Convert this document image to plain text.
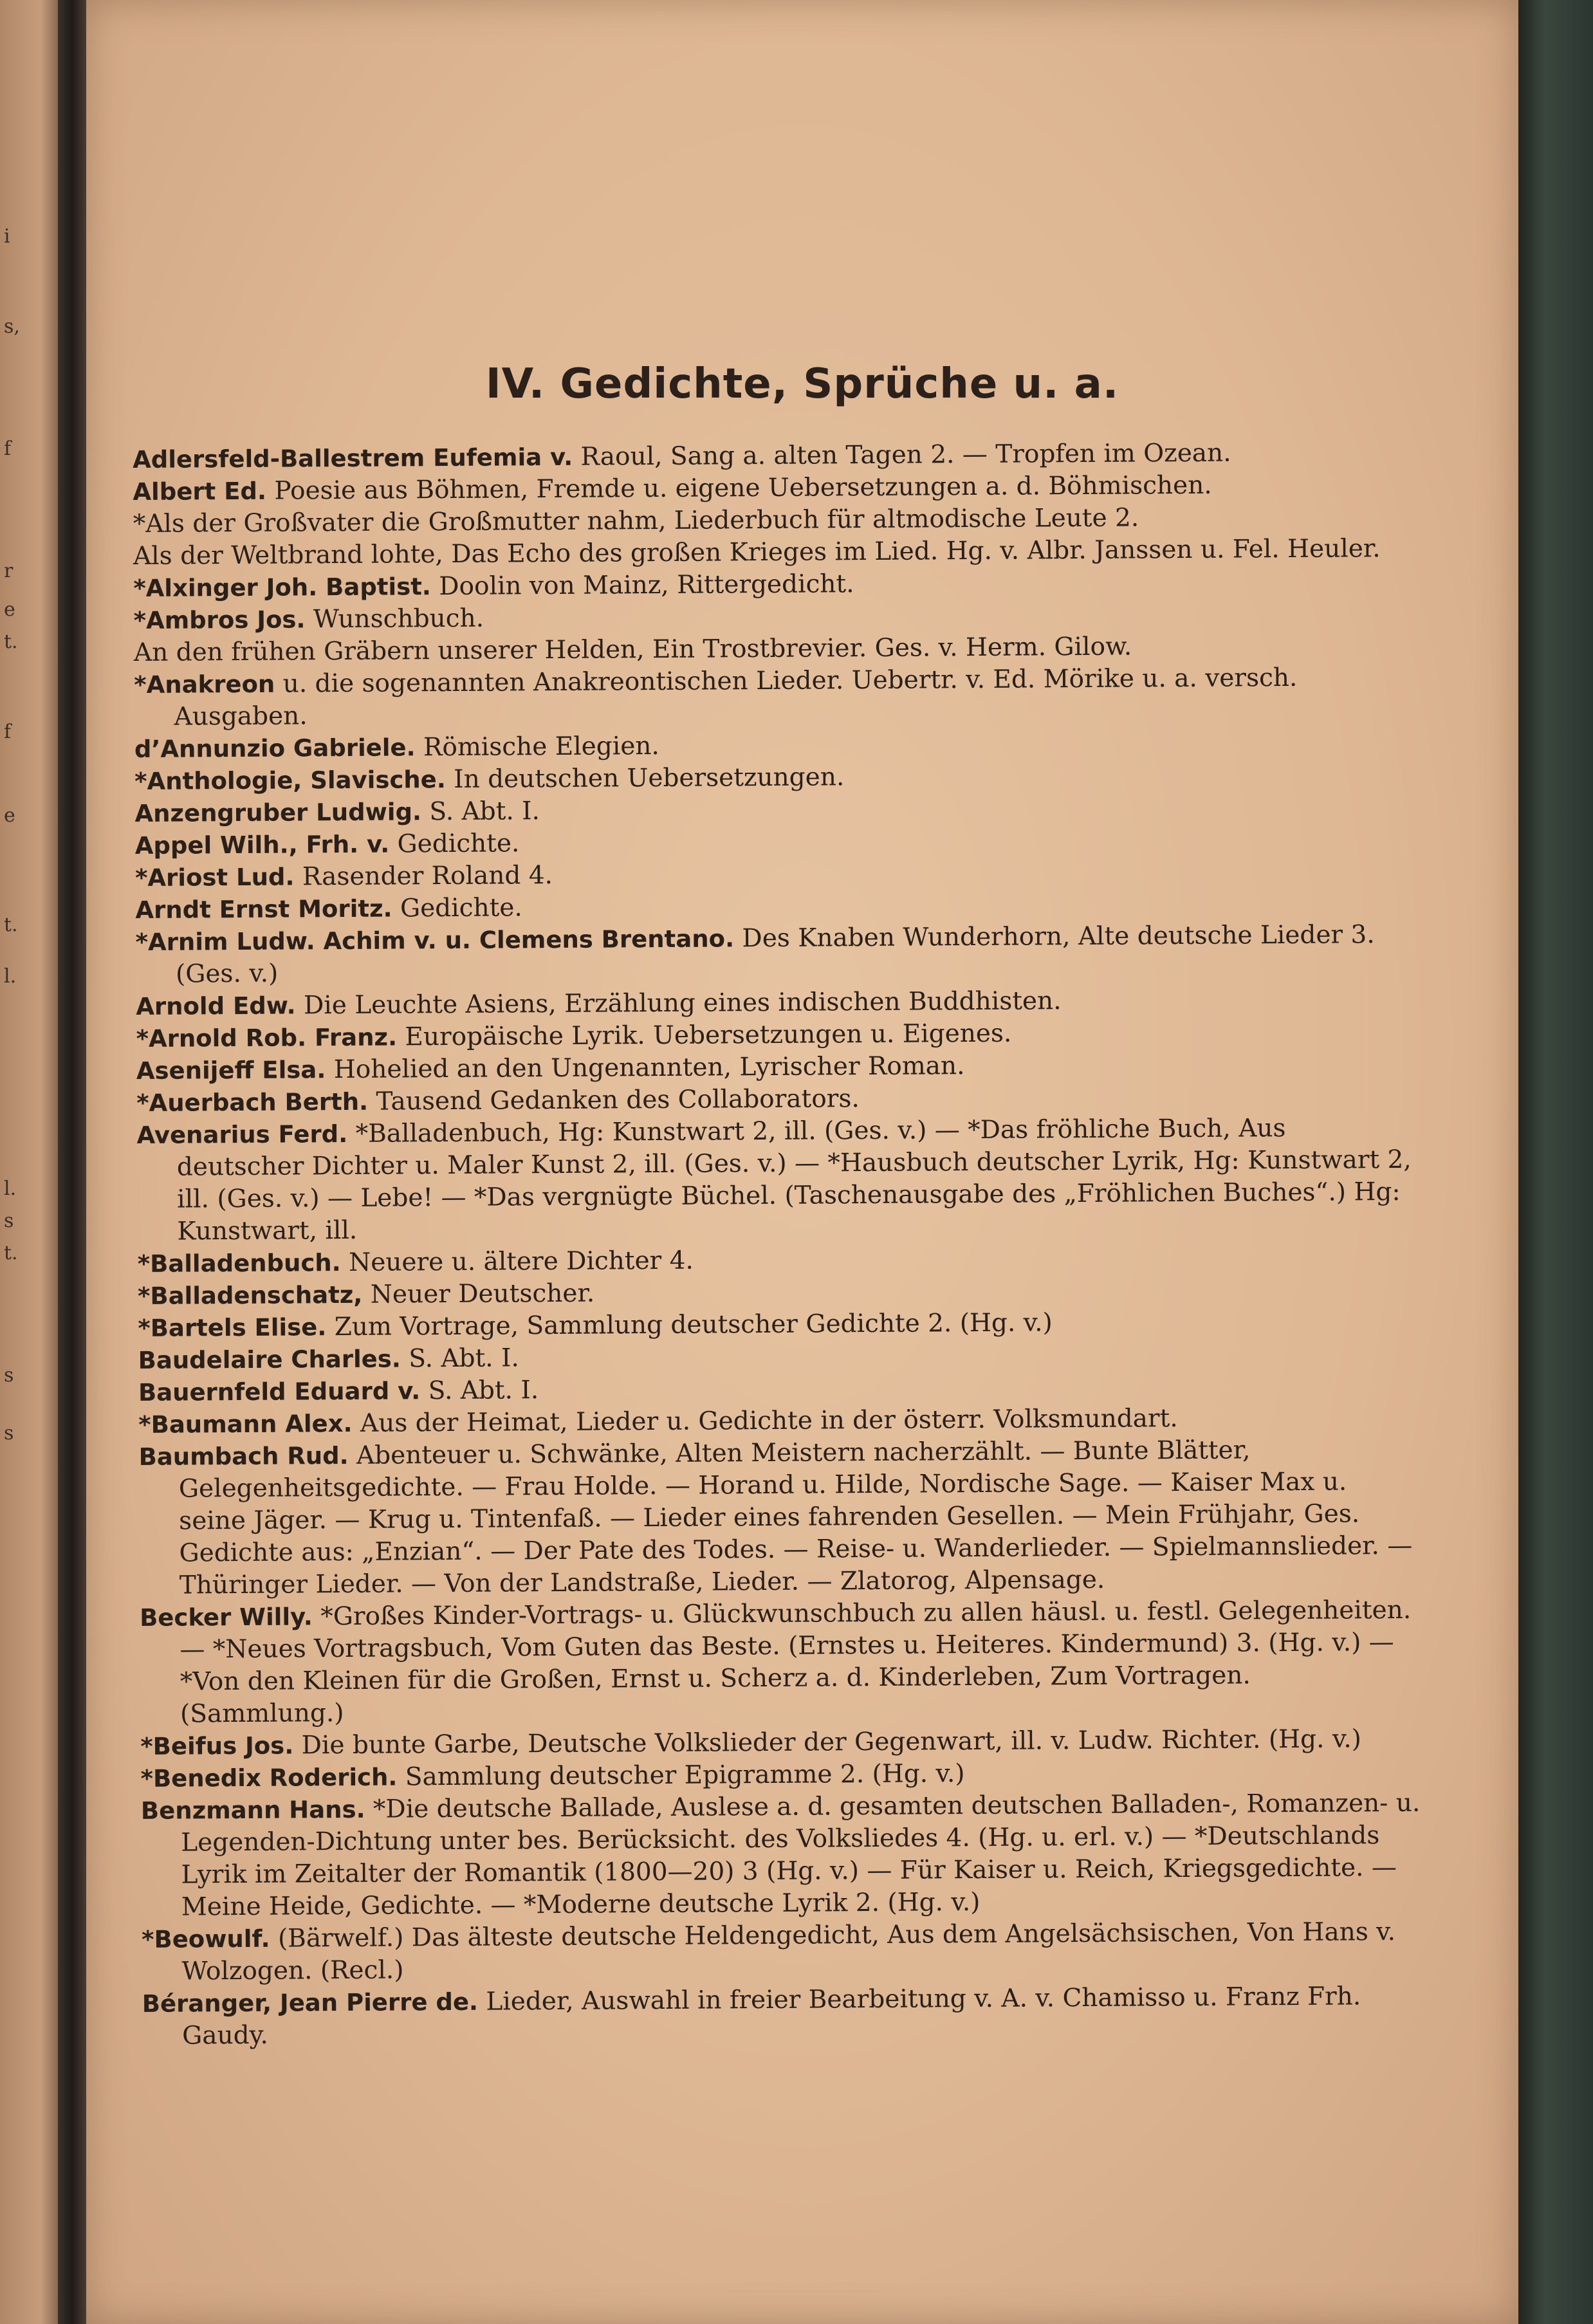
i
s,
f
r
e
t.
f
e
t.
l.
l.
s
t.
s
s
IV. Gedichte, Sprüche u. a.

Adlersfeld-Ballestrem Eufemia v. Raoul, Sang a. alten Tagen 2. — Tropfen im Ozean.

Albert Ed. Poesie aus Böhmen, Fremde u. eigene Uebersetzungen a. d. Böhmischen.

*Als der Großvater die Großmutter nahm, Liederbuch für altmodische Leute 2.

Als der Weltbrand lohte, Das Echo des großen Krieges im Lied. Hg. v. Albr. Janssen u. Fel. Heuler.

*Alxinger Joh. Baptist. Doolin von Mainz, Rittergedicht.

*Ambros Jos. Wunschbuch.

An den frühen Gräbern unserer Helden, Ein Trostbrevier. Ges. v. Herm. Gilow.

*Anakreon u. die sogenannten Anakreontischen Lieder. Uebertr. v. Ed. Mörike u. a. versch. Ausgaben.

d’Annunzio Gabriele. Römische Elegien.

*Anthologie, Slavische. In deutschen Uebersetzungen.

Anzengruber Ludwig. S. Abt. I.

Appel Wilh., Frh. v. Gedichte.

*Ariost Lud. Rasender Roland 4.

Arndt Ernst Moritz. Gedichte.

*Arnim Ludw. Achim v. u. Clemens Brentano. Des Knaben Wunderhorn, Alte deutsche Lieder 3. (Ges. v.)

Arnold Edw. Die Leuchte Asiens, Erzählung eines indischen Buddhisten.

*Arnold Rob. Franz. Europäische Lyrik. Uebersetzungen u. Eigenes.

Asenijeff Elsa. Hohelied an den Ungenannten, Lyrischer Roman.

*Auerbach Berth. Tausend Gedanken des Collaborators.

Avenarius Ferd. *Balladenbuch, Hg: Kunstwart 2, ill. (Ges. v.) — *Das fröhliche Buch, Aus deutscher Dichter u. Maler Kunst 2, ill. (Ges. v.) — *Hausbuch deutscher Lyrik, Hg: Kunstwart 2, ill. (Ges. v.) — Lebe! — *Das vergnügte Büchel. (Taschenausgabe des „Fröhlichen Buches“.) Hg: Kunstwart, ill.

*Balladenbuch. Neuere u. ältere Dichter 4.

*Balladenschatz, Neuer Deutscher.

*Bartels Elise. Zum Vortrage, Sammlung deutscher Gedichte 2. (Hg. v.)

Baudelaire Charles. S. Abt. I.

Bauernfeld Eduard v. S. Abt. I.

*Baumann Alex. Aus der Heimat, Lieder u. Gedichte in der österr. Volksmundart.

Baumbach Rud. Abenteuer u. Schwänke, Alten Meistern nacherzählt. — Bunte Blätter, Gelegenheitsgedichte. — Frau Holde. — Horand u. Hilde, Nordische Sage. — Kaiser Max u. seine Jäger. — Krug u. Tintenfaß. — Lieder eines fahrenden Gesellen. — Mein Frühjahr, Ges. Gedichte aus: „Enzian“. — Der Pate des Todes. — Reise- u. Wanderlieder. — Spielmannslieder. — Thüringer Lieder. — Von der Landstraße, Lieder. — Zlatorog, Alpensage.

Becker Willy. *Großes Kinder-Vortrags- u. Glückwunschbuch zu allen häusl. u. festl. Gelegenheiten. — *Neues Vortragsbuch, Vom Guten das Beste. (Ernstes u. Heiteres. Kindermund) 3. (Hg. v.) — *Von den Kleinen für die Großen, Ernst u. Scherz a. d. Kinderleben, Zum Vortragen. (Sammlung.)

*Beifus Jos. Die bunte Garbe, Deutsche Volkslieder der Gegenwart, ill. v. Ludw. Richter. (Hg. v.)

*Benedix Roderich. Sammlung deutscher Epigramme 2. (Hg. v.)

Benzmann Hans. *Die deutsche Ballade, Auslese a. d. gesamten deutschen Balladen-, Romanzen- u. Legenden-Dichtung unter bes. Berücksicht. des Volksliedes 4. (Hg. u. erl. v.) — *Deutschlands Lyrik im Zeitalter der Romantik (1800—20) 3 (Hg. v.) — Für Kaiser u. Reich, Kriegsgedichte. — Meine Heide, Gedichte. — *Moderne deutsche Lyrik 2. (Hg. v.)

*Beowulf. (Bärwelf.) Das älteste deutsche Heldengedicht, Aus dem Angelsächsischen, Von Hans v. Wolzogen. (Recl.)

Béranger, Jean Pierre de. Lieder, Auswahl in freier Bearbeitung v. A. v. Chamisso u. Franz Frh. Gaudy.
